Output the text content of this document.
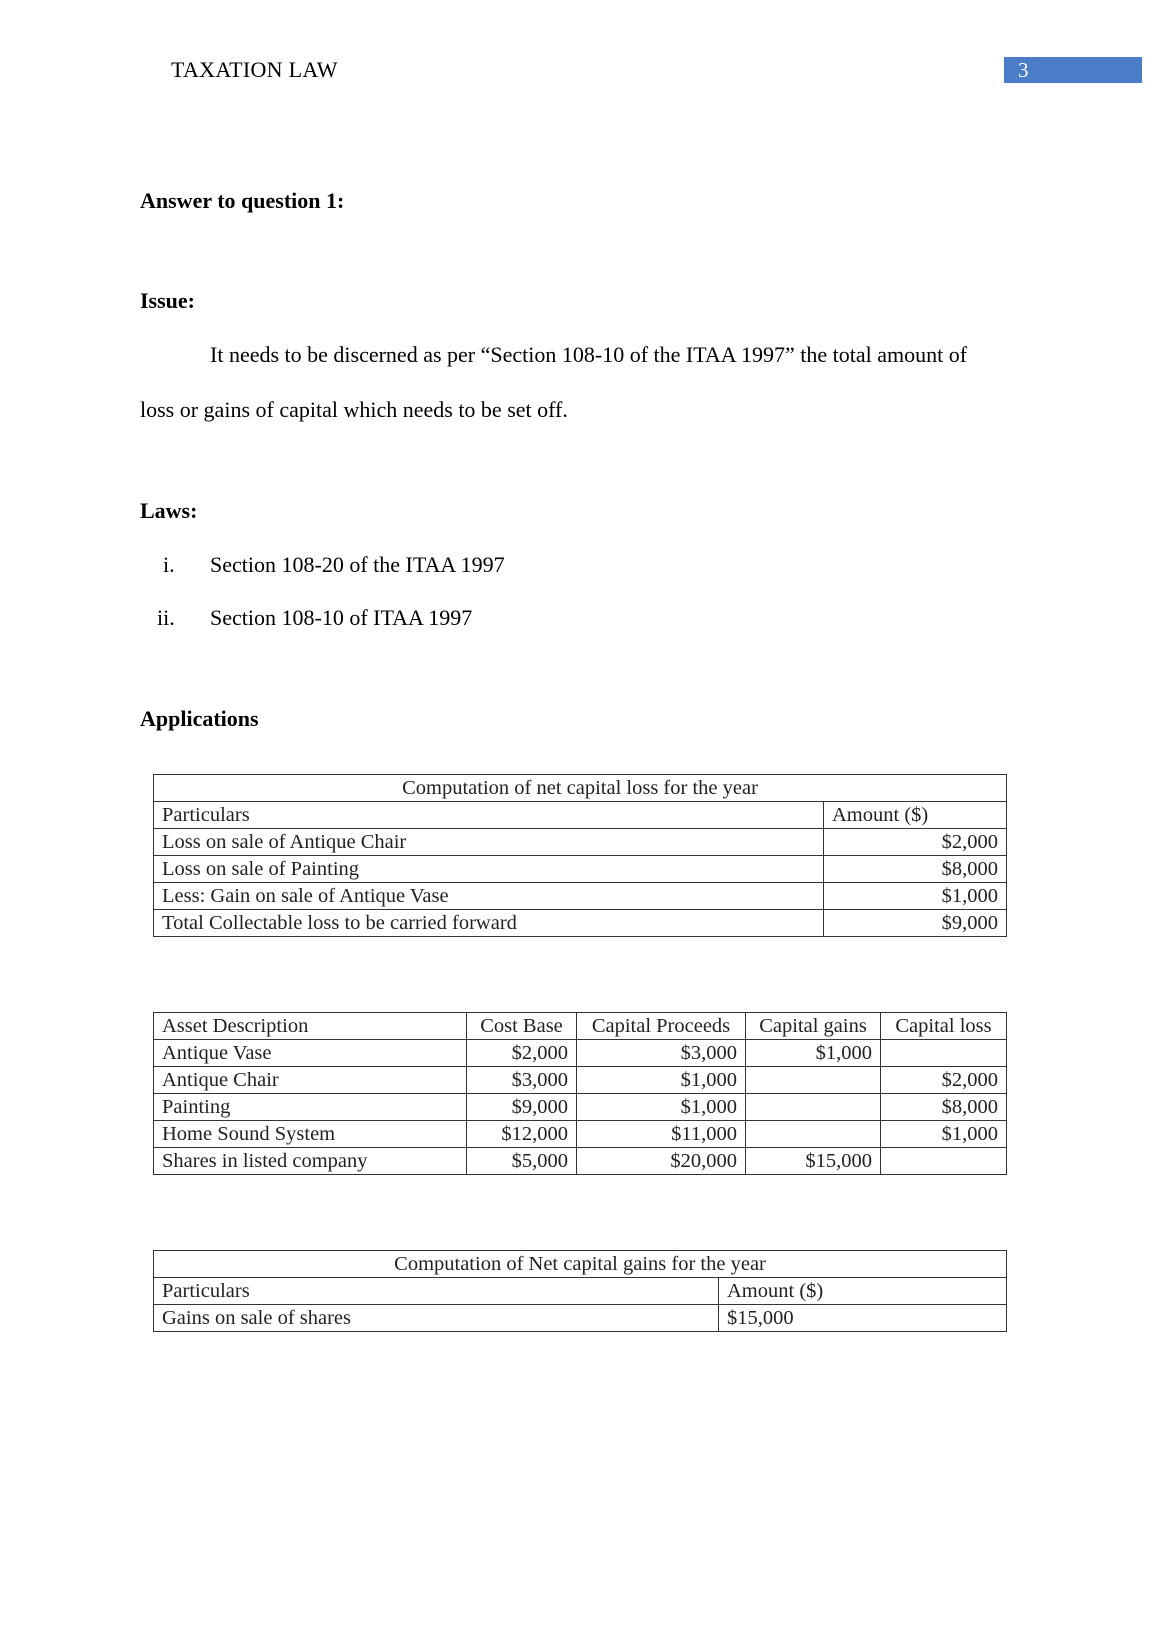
TAXATION LAW	3
Answer to question 1:
Issue:
It needs to be discerned as per “Section 108-10 of the ITAA 1997” the total amount of
loss or gains of capital which needs to be set off.
Laws:
i. Section 108-20 of the ITAA 1997
ii. Section 108-10 of ITAA 1997
Applications
Computation of net capital loss for the year	
Particulars	Amount ($)
Loss on sale of Antique Chair	$2,000
Loss on sale of Painting	$8,000
Less: Gain on sale of Antique Vase	$1,000
Total Collectable loss to be carried forward	$9,000
Asset Description	Cost Base	Capital Proceeds	Capital gains	Capital loss
Antique Vase	$2,000	$3,000	$1,000	
Antique Chair	$3,000	$1,000		$2,000
Painting	$9,000	$1,000		$8,000
Home Sound System	$12,000	$11,000		$1,000
Shares in listed company	$5,000	$20,000	$15,000	
Computation of Net capital gains for the year	
Particulars	Amount ($)
Gains on sale of shares	$15,000
